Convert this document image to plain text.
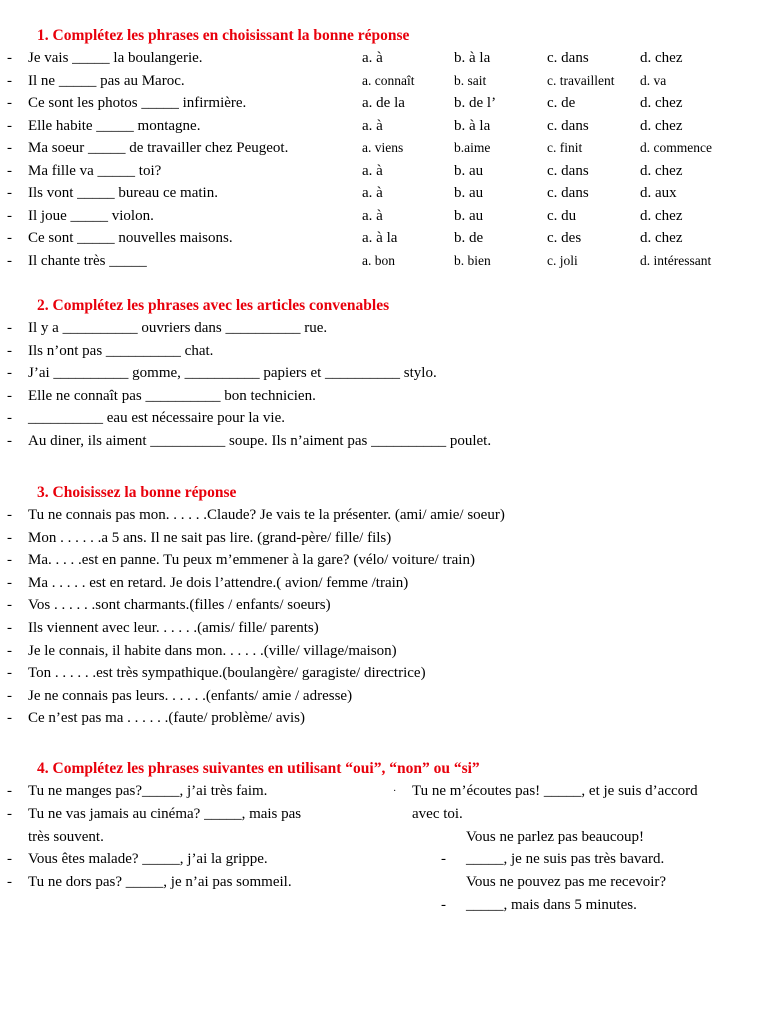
1. Complétez les phrases en choisissant la bonne réponse
- Je vais _____ la boulangerie.	a. à	b. à la	c. dans	d. chez
- Il ne _____ pas au Maroc.	a. connaît	b. sait	c. travaillent d. va
- Ce sont les photos _____ infirmière.	a. de la	b. de l’	c. de	d. chez
- Elle habite _____ montagne.	a. à	b. à la	c. dans	d. chez
- Ma soeur _____ de travailler chez Peugeot.	a. viens	b.aime	c. finit	d. commence
- Ma fille va _____ toi?	a. à	b. au	c. dans	d. chez
- Ils vont _____ bureau ce matin.	a. à	b. au	c. dans	d. aux
- Il joue _____ violon.	a. à	b. au	c. du	d. chez
- Ce sont _____ nouvelles maisons.	a. à la	b. de	c. des	d. chez
- Il chante très _____	a. bon	b. bien	c. joli	d. intéressant
2. Complétez les phrases avec les articles convenables
- Il y a __________ ouvriers dans __________ rue.
- Ils n’ont pas __________ chat.
- J’ai __________ gomme, __________ papiers et __________ stylo.
- Elle ne connaît pas __________ bon technicien.
- __________ eau est nécessaire pour la vie.
- Au diner, ils aiment __________ soupe. Ils n’aiment pas __________ poulet.
3. Choisissez la bonne réponse
- Tu ne connais pas mon. . . . . .Claude? Je vais te la présenter. (ami/ amie/ soeur)
- Mon . . . . . .a 5 ans. Il ne sait pas lire. (grand-père/ fille/ fils)
- Ma. . . . .est en panne. Tu peux m’emmener à la gare? (vélo/ voiture/ train)
- Ma . . . . . est en retard. Je dois l’attendre.( avion/ femme /train)
- Vos . . . . . .sont charmants.(filles / enfants/ soeurs)
- Ils viennent avec leur. . . . . .(amis/ fille/ parents)
- Je le connais, il habite dans mon. . . . . .(ville/ village/maison)
- Ton . . . . . .est très sympathique.(boulangère/ garagiste/ directrice)
- Je ne connais pas leurs. . . . . .(enfants/ amie / adresse)
- Ce n’est pas ma . . . . . .(faute/ problème/ avis)
4. Complétez les phrases suivantes en utilisant “oui”, “non” ou “si”
- Tu ne manges pas?_____, j’ai très faim.
- Tu ne vas jamais au cinéma? _____, mais pas
très souvent.
- Vous êtes malade? _____, j’ai la grippe.
- Tu ne dors pas? _____, je n’ai pas sommeil.
· Tu ne m’écoutes pas! _____, et je suis d’accord
avec toi.
Vous ne parlez pas beaucoup!
- _____, je ne suis pas très bavard.
Vous ne pouvez pas me recevoir?
- _____, mais dans 5 minutes.
